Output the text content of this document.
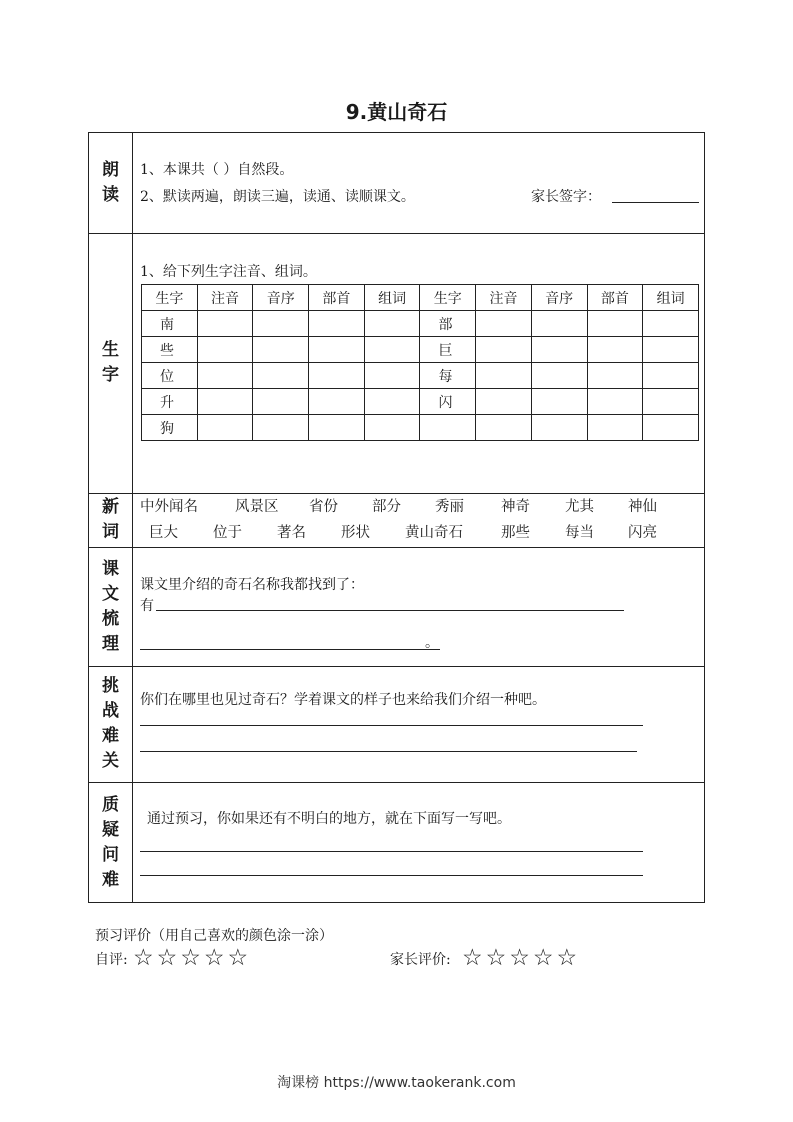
9.黄山奇石
朗
读
1、本课共（ ）自然段。
2、默读两遍，朗读三遍，读通、读顺课文。	家长签字：
生
字
1、给下列生字注音、组词。
生字	注音	音序	部首	组词	生字	注音	音序	部首	组词
南					部				
些					巨				
位					每				
升					闪				
狗									
新
词
中外闻名	风景区 省份 部分 秀丽	神奇 尤其 神仙
巨大 位于 著名 形状 黄山奇石	那些 每当 闪亮
课
文
梳
理
课文里介绍的奇石名称我都找到了：
有
。
挑
战
难
关
你们在哪里也见过奇石？学着课文的样子也来给我们介绍一种吧。
质
疑
问
难
通过预习，你如果还有不明白的地方，就在下面写一写吧。
预习评价（用自己喜欢的颜色涂一涂）
自评: ☆☆☆☆☆	家长评价: ☆☆☆☆☆
淘课榜 https://www.taokerank.com
